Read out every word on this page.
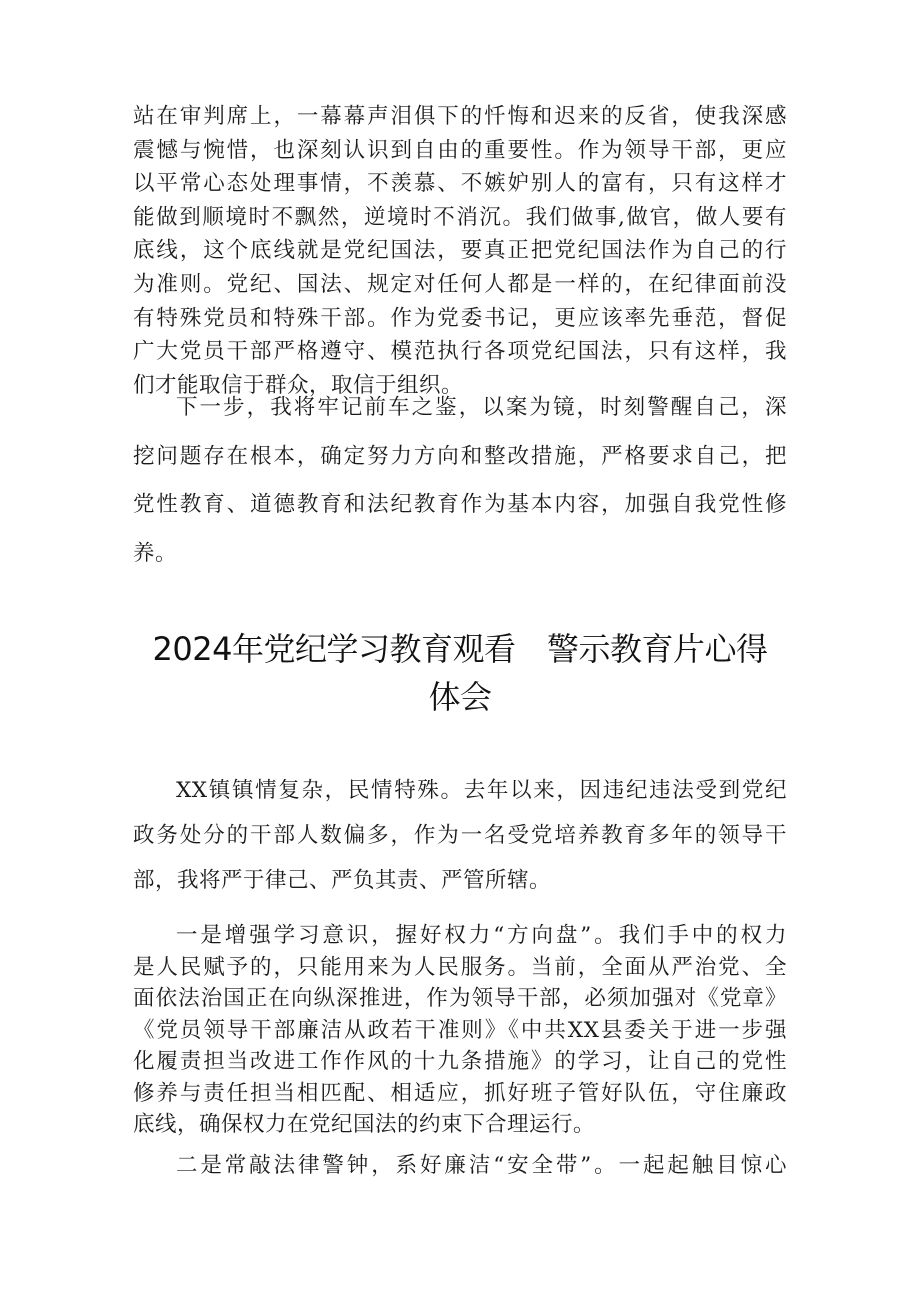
站在审判席上，一幕幕声泪俱下的忏悔和迟来的反省，使我深感
震憾与惋惜，也深刻认识到自由的重要性。作为领导干部，更应
以平常心态处理事情，不羡慕、不嫉妒别人的富有，只有这样才
能做到顺境时不飘然，逆境时不消沉。我们做事,做官，做人要有
底线，这个底线就是党纪国法，要真正把党纪国法作为自己的行
为准则。党纪、国法、规定对任何人都是一样的，在纪律面前没
有特殊党员和特殊干部。作为党委书记，更应该率先垂范，督促
广大党员干部严格遵守、模范执行各项党纪国法，只有这样，我
们才能取信于群众，取信于组织。
下一步，我将牢记前车之鉴，以案为镜，时刻警醒自己，深
挖问题存在根本，确定努力方向和整改措施，严格要求自己，把
党性教育、道德教育和法纪教育作为基本内容，加强自我党性修
养。
2024年党纪学习教育观看　警示教育片心得
体会
XX镇镇情复杂，民情特殊。去年以来，因违纪违法受到党纪
政务处分的干部人数偏多，作为一名受党培养教育多年的领导干
部，我将严于律己、严负其责、严管所辖。
一是增强学习意识，握好权力“方向盘”。我们手中的权力
是人民赋予的，只能用来为人民服务。当前，全面从严治党、全
面依法治国正在向纵深推进，作为领导干部，必须加强对《党章》
《党员领导干部廉洁从政若干准则》《中共XX县委关于进一步强
化履责担当改进工作作风的十九条措施》的学习，让自己的党性
修养与责任担当相匹配、相适应，抓好班子管好队伍，守住廉政
底线，确保权力在党纪国法的约束下合理运行。
二是常敲法律警钟，系好廉洁“安全带”。一起起触目惊心
